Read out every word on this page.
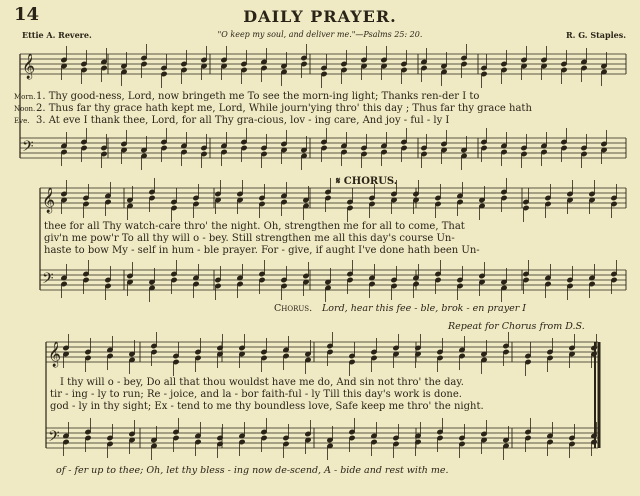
14	DAILY PRAYER.
Ettie A. Revere.	"O keep my soul, and deliver me."—Psalms 25: 20.	R. G. Staples.
𝄞
𝄢
𝄞
𝄢
𝄞
𝄢
Morn.
Noon.
Eve.
1. Thy good-ness, Lord, now bringeth me To see the morn-ing light; Thanks ren-der I to
2. Thus far thy grace hath kept me, Lord, While journ'ying thro' this day ; Thus far thy grace hath
3. At eve I thank thee, Lord, for all Thy gra-cious, lov - ing care, And joy - ful - ly I
𝄋 CHORUS.
thee for all Thy watch-care thro' the night. Oh, strengthen me for all to come, That
giv'n me pow'r To all thy will o - bey. Still strengthen me all this day's course Un-
haste to bow My - self in hum - ble prayer. For - give, if aught I've done hath been Un-
Chorus. Lord, hear this fee - ble, brok - en prayer I
Repeat for Chorus from D.S.
I thy will o - bey, Do all that thou wouldst have me do, And sin not thro' the day.
tir - ing - ly to run; Re - joice, and la - bor faith-ful - ly Till this day's work is done.
god - ly in thy sight; Ex - tend to me thy boundless love, Safe keep me thro' the night.
of - fer up to thee; Oh, let thy bless - ing now de-scend, A - bide and rest with me.
